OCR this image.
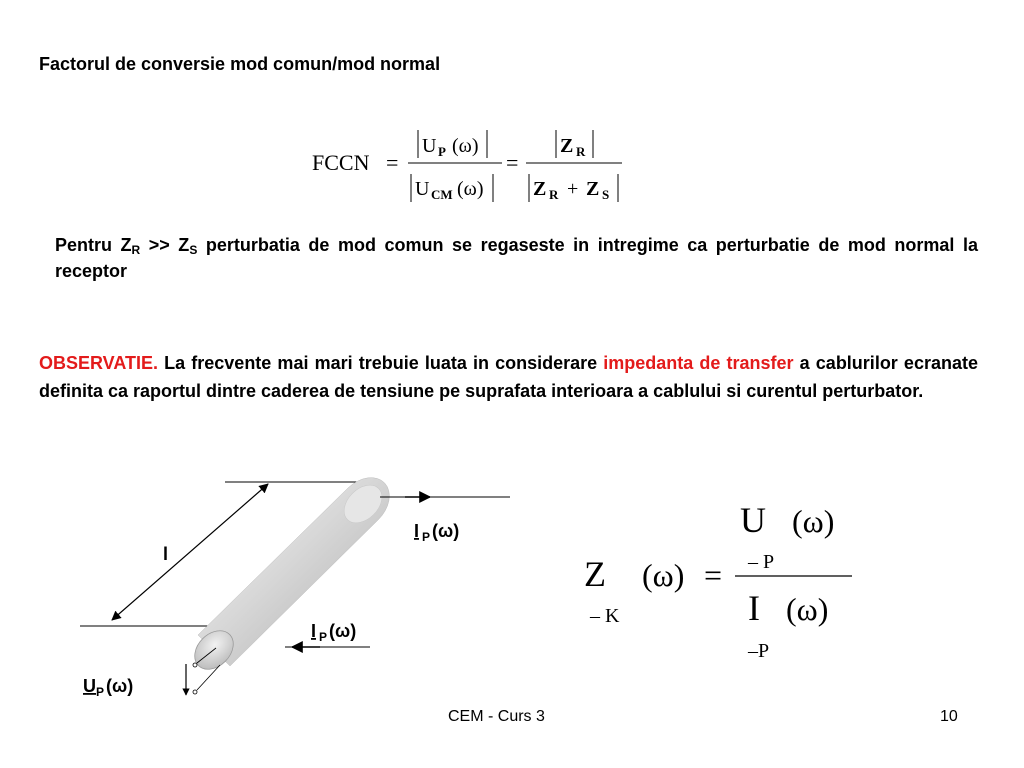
Factorul de conversie mod comun/mod normal
FCCN =
U P (ω)
U CM (ω)
=
Z R
Z R + Z S
Pentru $Z_R >> Z_S$ perturbatia de mod comun se regaseste in intregime ca perturbatie de mod normal la receptor
OBSERVATIE. La frecvente mai mari trebuie luata in considerare impedanta de transfer a cablurilor ecranate definita ca raportul dintre caderea de tensiune pe suprafata interioara a cablului si curentul perturbator.
l
I P (ω)
I P (ω)
U P (ω)
U (ω)
– P
Z (ω) =
– K	I (ω)
–P
CEM - Curs 3	10
